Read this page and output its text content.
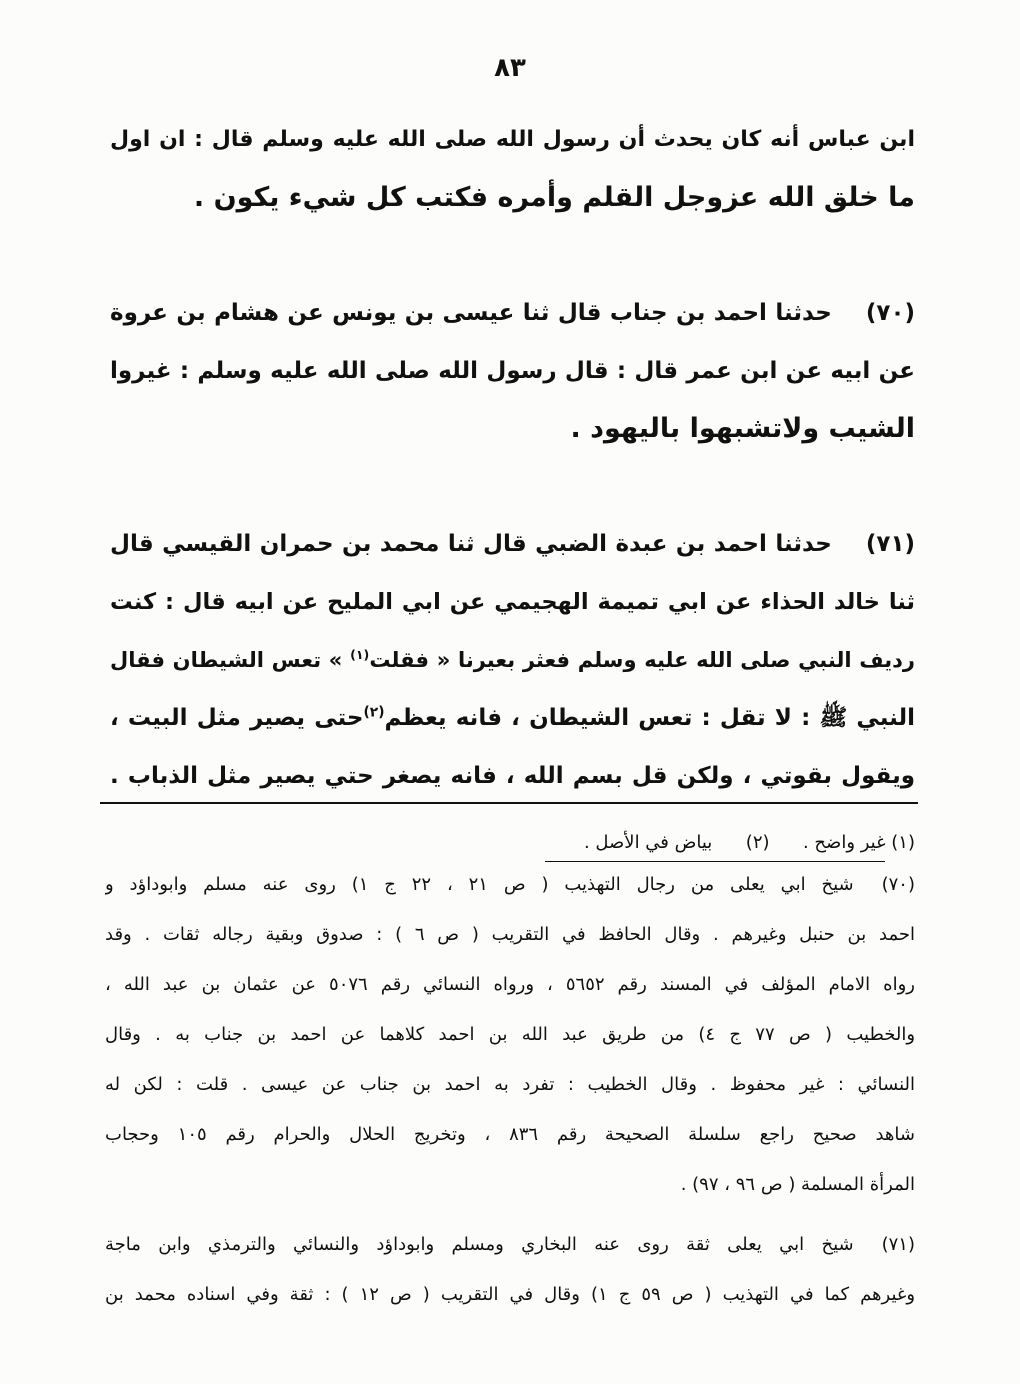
٨٣

ابن عباس أنه كان يحدث أن رسول الله صلى الله عليه وسلم قال : ان اول
ما خلق الله عزوجل القلم وأمره فكتب كل شيء يكون .

(٧٠)حدثنا احمد بن جناب قال ثنا عيسى بن يونس عن هشام بن عروة
عن ابيه عن ابن عمر قال : قال رسول الله صلى الله عليه وسلم : غيروا
الشيب ولاتشبهوا باليهود .

(٧١)حدثنا احمد بن عبدة الضبي قال ثنا محمد بن حمران القيسي قال
ثنا خالد الحذاء عن ابي تميمة الهجيمي عن ابي المليح عن ابيه قال : كنت
رديف النبي صلى الله عليه وسلم فعثر بعيرنا « فقلت$^{(١)}$ » تعس الشيطان فقال
النبي ﷺ : لا تقل : تعس الشيطان ، فانه يعظم$^{(٢)}$حتى يصير مثل البيت ،
ويقول بقوتي ، ولكن قل بسم الله ، فانه يصغر حتي يصير مثل الذباب .

(١) غير واضح .  (٢)  بياض في الأصل .
(٧٠)شيخ ابي يعلى من رجال التهذيب ( ص ٢١ ، ٢٢ ج ١) روى عنه مسلم وابوداؤد و
احمد بن حنبل وغيرهم . وقال الحافظ في التقريب ( ص ٦ ) : صدوق وبقية رجاله ثقات . وقد
رواه الامام المؤلف في المسند رقم ٥٦٥٢ ، ورواه النسائي رقم ٥٠٧٦ عن عثمان بن عبد الله ،
والخطيب ( ص ٧٧ ج ٤) من طريق عبد الله بن احمد كلاهما عن احمد بن جناب به . وقال
النسائي : غير محفوظ . وقال الخطيب : تفرد به احمد بن جناب عن عيسى . قلت : لكن له
شاهد صحيح راجع سلسلة الصحيحة رقم ٨٣٦ ، وتخريج الحلال والحرام رقم ١٠٥ وحجاب
المرأة المسلمة ( ص ٩٦ ، ٩٧) .
(٧١)شيخ ابي يعلى ثقة روى عنه البخاري ومسلم وابوداؤد والنسائي والترمذي وابن ماجة
وغيرهم كما في التهذيب ( ص ٥٩ ج ١) وقال في التقريب ( ص ١٢ ) : ثقة وفي اسناده محمد بن
